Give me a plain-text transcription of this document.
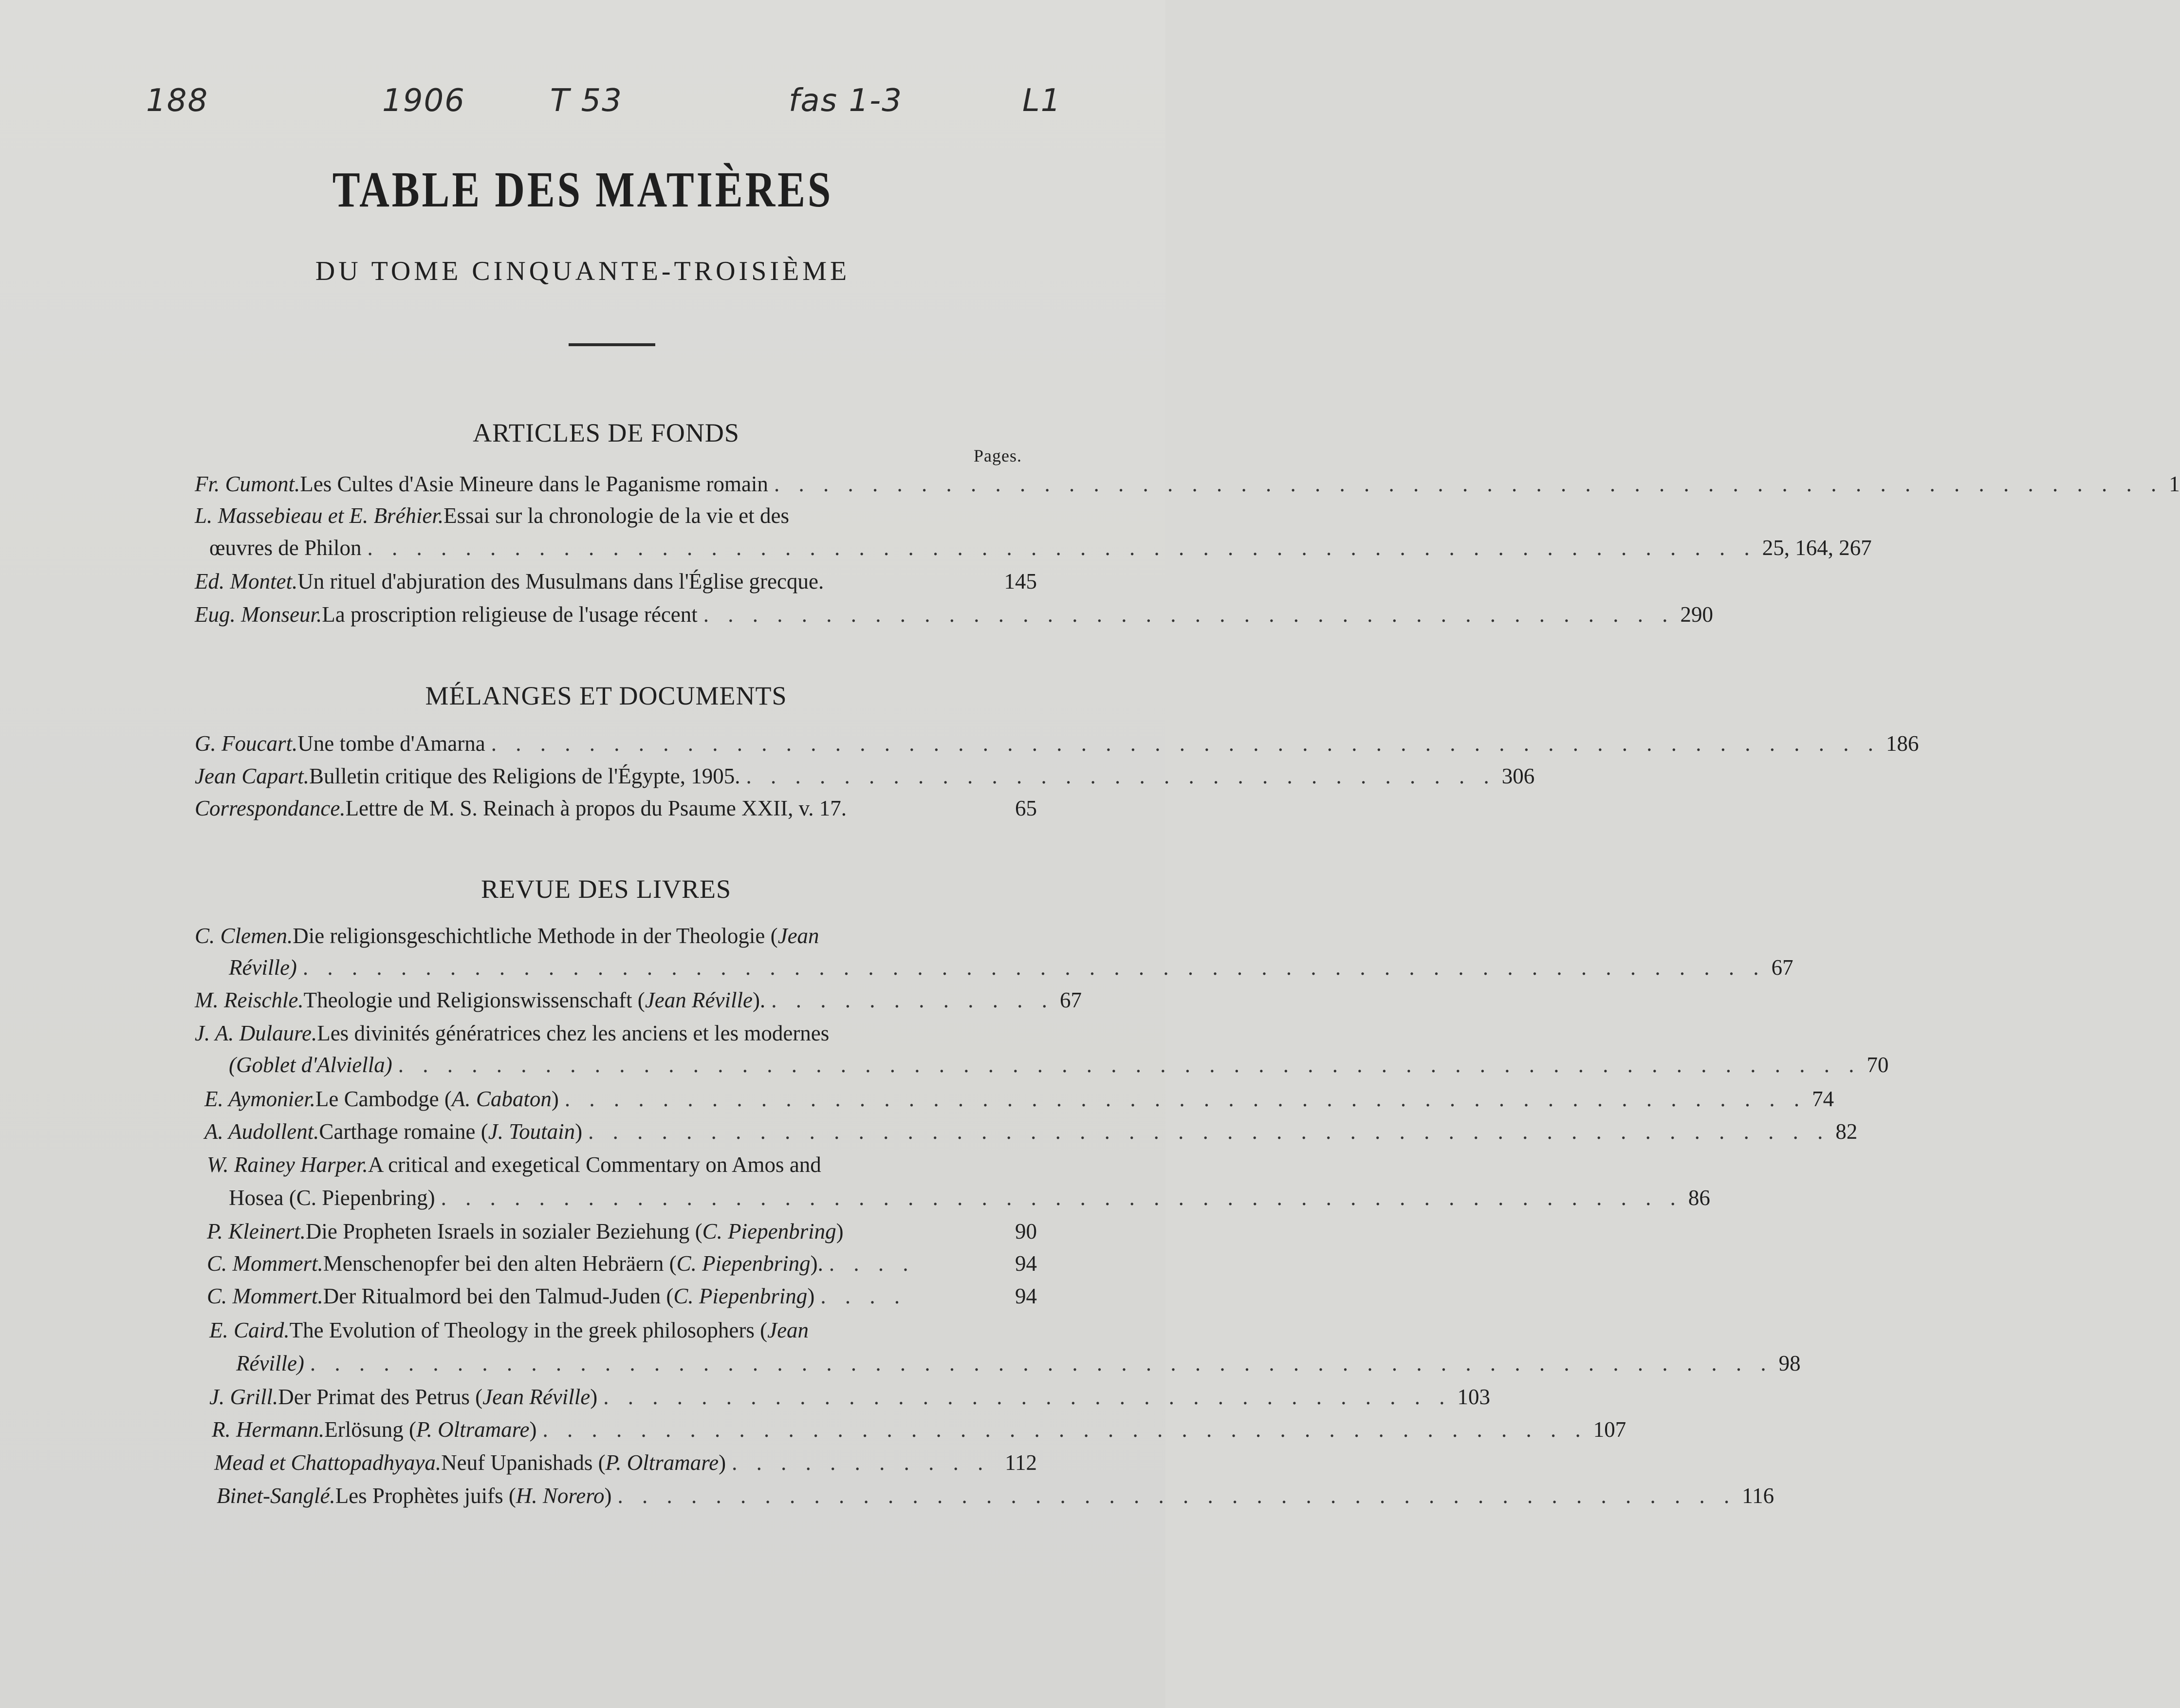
188	1906	T 53	fas 1-3	L1
TABLE DES MATIÈRES
DU TOME CINQUANTE-TROISIÈME
ARTICLES DE FONDS
Pages.
Fr. Cumont. Les Cultes d'Asie Mineure dans le Paganisme romain . . . . . . . . . . . . . . . . . . . . . . . . . . . . . . . . . . . . . . . . . . . . . . . . . . . . . . . . . 1
L. Massebieau et E. Bréhier. Essai sur la chronologie de la vie et des
œuvres de Philon . . . . . . . . . . . . . . . . . . . . . . . . . . . . . . . . . . . . . . . . . . . . . . . . . . . . . . . . . 25, 164, 267
Ed. Montet. Un rituel d'abjuration des Musulmans dans l'Église grecque.	145
Eug. Monseur. La proscription religieuse de l'usage récent . . . . . . . . . . . . . . . . . . . . . . . . . . . . . . . . . . . . . . . . 290
MÉLANGES ET DOCUMENTS
G. Foucart. Une tombe d'Amarna . . . . . . . . . . . . . . . . . . . . . . . . . . . . . . . . . . . . . . . . . . . . . . . . . . . . . . . . . 186
Jean Capart. Bulletin critique des Religions de l'Égypte, 1905. . . . . . . . . . . . . . . . . . . . . . . . . . . . . . . . 306
Correspondance. Lettre de M. S. Reinach à propos du Psaume XXII, v. 17.	65
REVUE DES LIVRES
C. Clemen. Die religionsgeschichtliche Methode in der Theologie ( Jean
Réville) . . . . . . . . . . . . . . . . . . . . . . . . . . . . . . . . . . . . . . . . . . . . . . . . . . . . . . . . . . . . 67
M. Reischle. Theologie und Religionswissenschaft ( Jean Réville ). . . . . . . . . . . . . 67
J. A. Dulaure. Les divinités génératrices chez les anciens et les modernes
(Goblet d'Alviella) . . . . . . . . . . . . . . . . . . . . . . . . . . . . . . . . . . . . . . . . . . . . . . . . . . . . . . . . . . . . 70
E. Aymonier. Le Cambodge ( A. Cabaton ) . . . . . . . . . . . . . . . . . . . . . . . . . . . . . . . . . . . . . . . . . . . . . . . . . . . 74
A. Audollent. Carthage romaine ( J. Toutain ) . . . . . . . . . . . . . . . . . . . . . . . . . . . . . . . . . . . . . . . . . . . . . . . . . . . 82
W. Rainey Harper. A critical and exegetical Commentary on Amos and
Hosea (C. Piepenbring) . . . . . . . . . . . . . . . . . . . . . . . . . . . . . . . . . . . . . . . . . . . . . . . . . . . 86
P. Kleinert. Die Propheten Israels in sozialer Beziehung ( C. Piepenbring )	90
C. Mommert. Menschenopfer bei den alten Hebräern ( C. Piepenbring ). . . . .	94
C. Mommert. Der Ritualmord bei den Talmud-Juden ( C. Piepenbring ) . . . .	94
E. Caird. The Evolution of Theology in the greek philosophers ( Jean
Réville) . . . . . . . . . . . . . . . . . . . . . . . . . . . . . . . . . . . . . . . . . . . . . . . . . . . . . . . . . . . . 98
J. Grill. Der Primat des Petrus ( Jean Réville ) . . . . . . . . . . . . . . . . . . . . . . . . . . . . . . . . . . . 103
R. Hermann. Erlösung ( P. Oltramare ) . . . . . . . . . . . . . . . . . . . . . . . . . . . . . . . . . . . . . . . . . . . 107
Mead et Chattopadhyaya. Neuf Upanishads ( P. Oltramare ) . . . . . . . . . . . 112
Binet-Sanglé. Les Prophètes juifs ( H. Norero ) . . . . . . . . . . . . . . . . . . . . . . . . . . . . . . . . . . . . . . . . . . . . . . 116
